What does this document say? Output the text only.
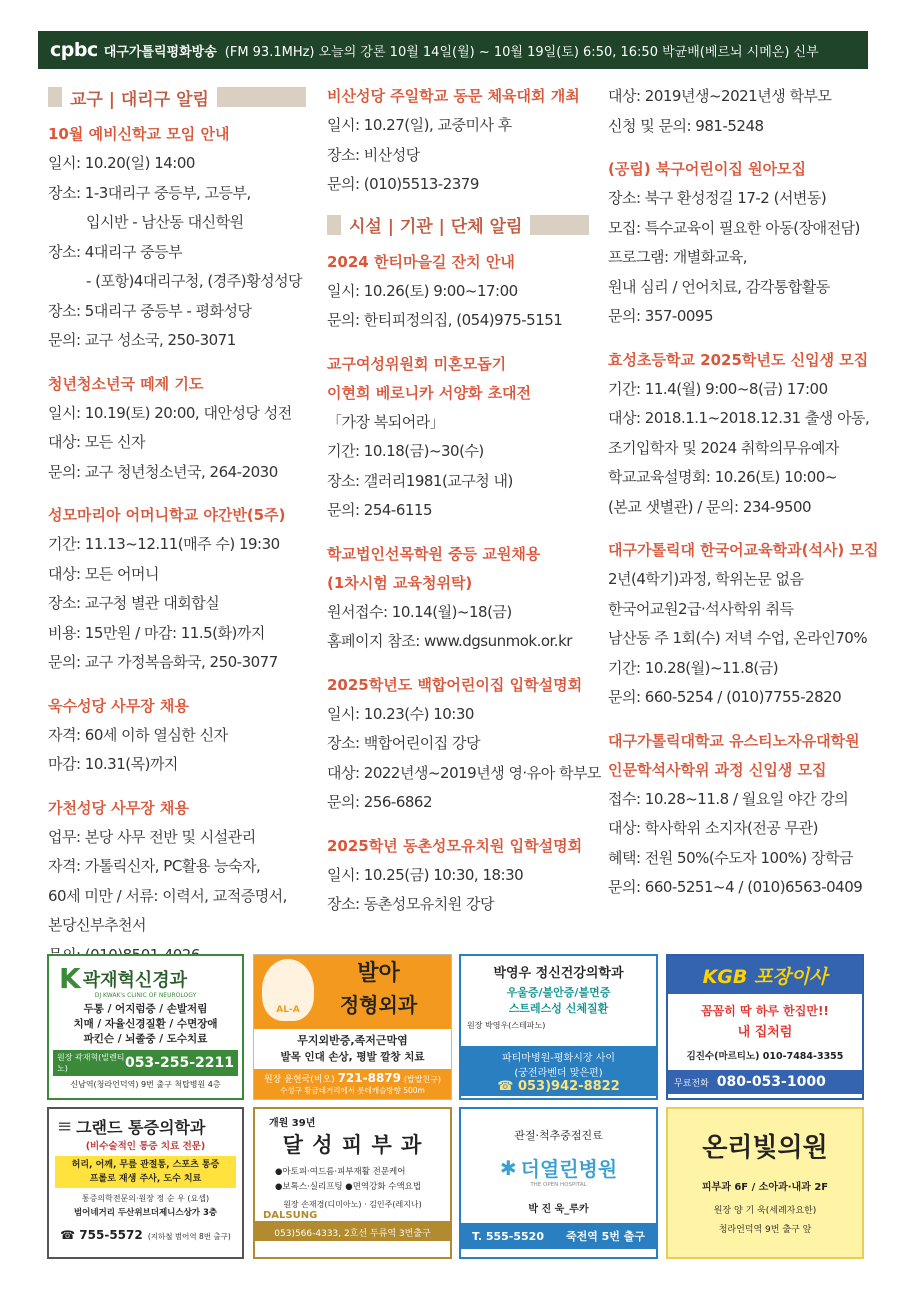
cpbc 대구가톨릭평화방송 (FM 93.1MHz) 오늘의 강론 10월 14일(월) ~ 10월 19일(토) 6:50, 16:50 박균배(베르뇌 시메온) 신부
교구 | 대리구 알림
10월 예비신학교 모임 안내
일시: 10.20(일) 14:00
장소: 1-3대리구 중등부, 고등부,
입시반 - 남산동 대신학원
장소: 4대리구 중등부
- (포항)4대리구청, (경주)황성성당
장소: 5대리구 중등부 - 평화성당
문의: 교구 성소국, 250-3071
청년청소년국 떼제 기도
일시: 10.19(토) 20:00, 대안성당 성전
대상: 모든 신자
문의: 교구 청년청소년국, 264-2030
성모마리아 어머니학교 야간반(5주)
기간: 11.13~12.11(매주 수) 19:30
대상: 모든 어머니
장소: 교구청 별관 대회합실
비용: 15만원 / 마감: 11.5(화)까지
문의: 교구 가정복음화국, 250-3077
욱수성당 사무장 채용
자격: 60세 이하 열심한 신자
마감: 10.31(목)까지
가천성당 사무장 채용
업무: 본당 사무 전반 및 시설관리
자격: 가톨릭신자, PC활용 능숙자,
60세 미만 / 서류: 이력서, 교적증명서,
본당신부추천서
비산성당 주일학교 동문 체육대회 개최
일시: 10.27(일), 교중미사 후
장소: 비산성당
문의: (010)5513-2379
시설 | 기관 | 단체 알림
2024 한티마을길 잔치 안내
일시: 10.26(토) 9:00~17:00
문의: 한티피정의집, (054)975-5151
교구여성위원회 미혼모돕기
이현희 베로니카 서양화 초대전
「가장 복되어라」
기간: 10.18(금)~30(수)
장소: 갤러리1981(교구청 내)
문의: 254-6115
학교법인선목학원 중등 교원채용
(1차시험 교육청위탁)
원서접수: 10.14(월)~18(금)
홈페이지 참조: www.dgsunmok.or.kr
2025학년도 백합어린이집 입학설명회
일시: 10.23(수) 10:30
장소: 백합어린이집 강당
대상: 2022년생~2019년생 영·유아 학부모
문의: 256-6862
2025학년 동촌성모유치원 입학설명회
일시: 10.25(금) 10:30, 18:30
장소: 동촌성모유치원 강당
대상: 2019년생~2021년생 학부모
신청 및 문의: 981-5248
(공립) 북구어린이집 원아모집
장소: 북구 환성정길 17-2 (서변동)
모집: 특수교육이 필요한 아동(장애전담)
프로그램: 개별화교육,
원내 심리 / 언어치료, 감각통합활동
문의: 357-0095
효성초등학교 2025학년도 신입생 모집
기간: 11.4(월) 9:00~8(금) 17:00
대상: 2018.1.1~2018.12.31 출생 아동,
조기입학자 및 2024 취학의무유예자
학교교육설명회: 10.26(토) 10:00~
(본교 샛별관) / 문의: 234-9500
대구가톨릭대 한국어교육학과(석사) 모집
2년(4학기)과정, 학위논문 없음
한국어교원2급·석사학위 취득
남산동 주 1회(수) 저녁 수업, 온라인70%
기간: 10.28(월)~11.8(금)
문의: 660-5254 / (010)7755-2820
대구가톨릭대학교 유스티노자유대학원
인문학석사학위 과정 신입생 모집
접수: 10.28~11.8 / 월요일 야간 강의
대상: 학사학위 소지자(전공 무관)
혜택: 전원 50%(수도자 100%) 장학금
문의: 660-5251~4 / (010)6563-0409
K 곽재혁신경과
DJ KWAK's CLINIC OF NEUROLOGY
두통 / 어지럼증 / 손발저림
치매 / 자율신경질환 / 수면장애
파킨슨 / 뇌졸중 / 도수치료
원장 곽재혁(빌렌티노)	053-255-2211
신남역(청라언덕역) 9번 출구 척탑병원 4층
AL-A
발아
정형외과
무지외반증,족저근막염
발목 인대 손상, 평발 깔창 치료
원장 윤현국(비오) 721-8879 (발발친구)
수성구 황금네거리에서 롯데캐슬방향 500m
박영우 정신건강의학과
우울증/불안증/불면증
스트레스성 신체질환
원장 박영우(스테파노)
파티마병원-평화시장 사이
(궁전라벤더 맞은편)
☎ 053)942-8822
KGB 포장이사
꼼꼼히 딱 하루 한집만!!
내 집처럼
김진수(마르티노) 010-7484-3355
무료전화 080-053-1000
≡ 그랜드 통증의학과
(비수술적인 통증 치료 전문)
허리, 어깨, 무릎 관절통, 스포츠 통증
프롤로 재생 주사, 도수 치료
통증의학전문의·원장 정 순 우 (요셉)
범어네거리 두산위브더제니스상가 3층
☎ 755-5572 (지하철 범어역 8번 출구)
개원 39년
달 성 피 부 과
●아토피·여드름·피부재활 전문케어
●보톡스·실리프팅 ●면역강화 수액요법
원장 손재경(디미아노) · 김인주(레지나)
DALSUNG
053)566-4333, 2호선 두류역 3번출구
관절·척추중점진료
✱ 더열린병원
THE OPEN HOSPITAL
박 진 욱_루카
T. 555-5520 죽전역 5번 출구
온리빛의원
피부과 6F / 소아과·내과 2F
원장 양 기 욱(세례자요한)
청라언덕역 9번 출구 앞
